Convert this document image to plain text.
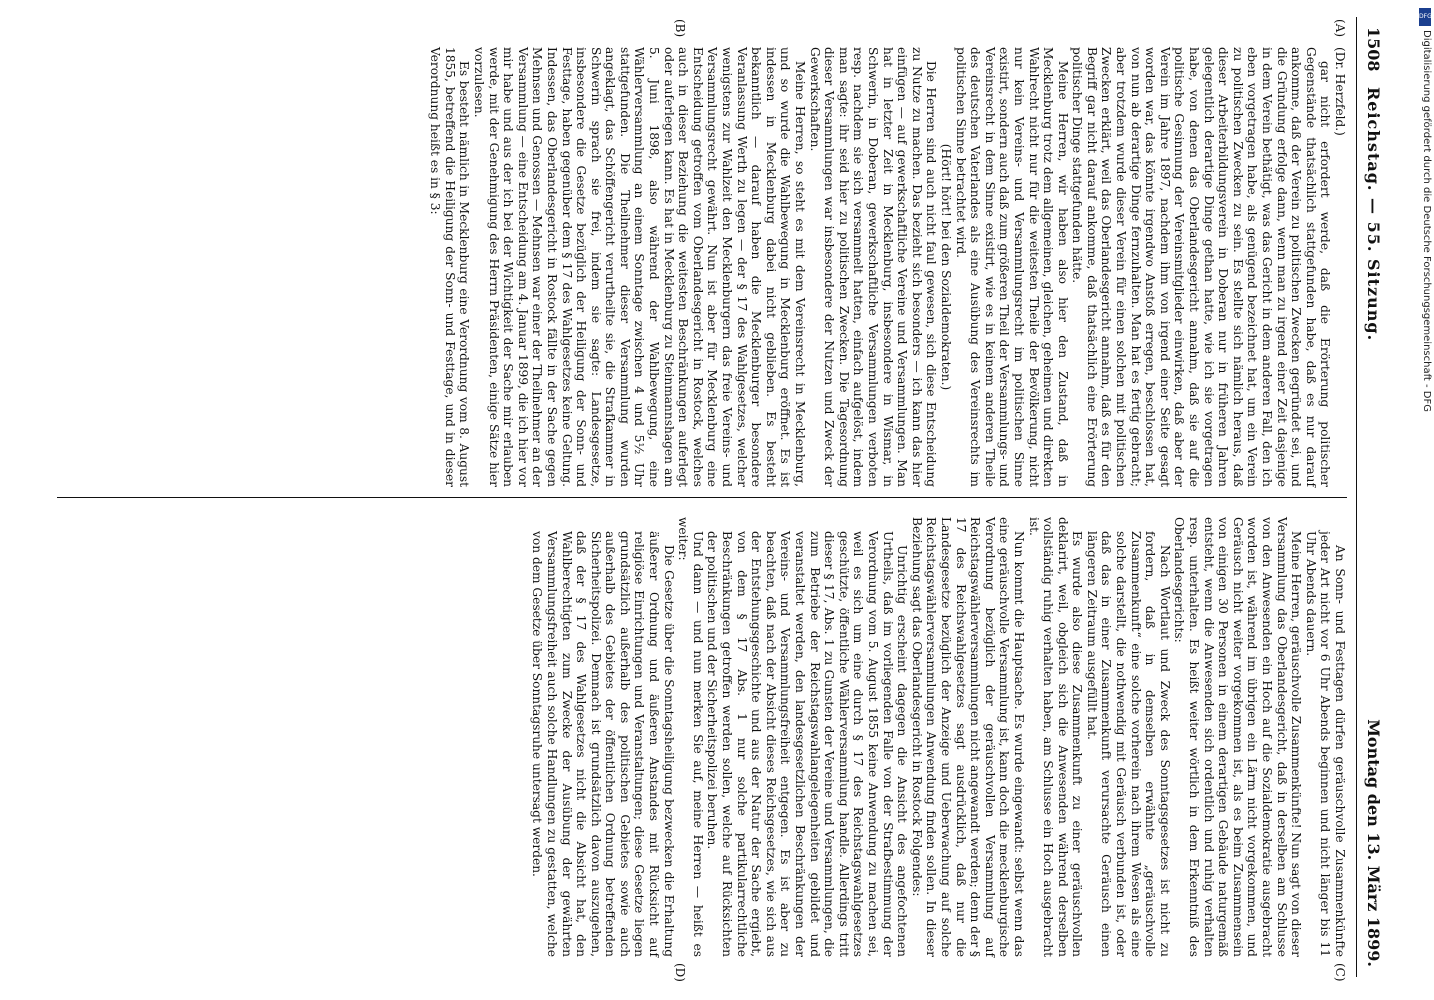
1508
Reichstag. — 55. Sitzung.
Montag den 13. März 1899.
(A)
(B)
(C)
(D)

(Dr. Herzfeld.)

gar nicht erfordert werde, daß die Erörterung politischer Gegenstände thatsächlich stattgefunden habe, daß es nur darauf ankomme, daß der Verein zu politischen Zwecken gegründet sei, und die Gründung erfolge dann, wenn man zu irgend einer Zeit dasjenige in dem Verein bethätigt, was das Gericht in dem anderen Fall, den ich eben vorgetragen habe, als genügend bezeichnet hat, um ein Verein zu politischen Zwecken zu sein. Es stellte sich nämlich heraus, daß dieser Arbeiterbildungsverein in Doberan nur in früheren Jahren gelegentlich derartige Dinge gethan hatte, wie ich sie vorgetragen habe, von denen das Oberlandesgericht annahm, daß sie auf die politische Gesinnung der Vereinsmitglieder einwirken, daß aber der Verein im Jahre 1897, nachdem ihm von irgend einer Seite gesagt worden war, das könnte irgendwo Anstoß erregen, beschlossen hat, von nun ab derartige Dinge fernzuhalten. Man hat es fertig gebracht; aber trotzdem wurde dieser Verein für einen solchen mit politischen Zwecken erklärt, weil das Oberlandesgericht annahm, daß es für den Begriff gar nicht darauf ankomme, daß thatsächlich eine Erörterung politischer Dinge stattgefunden hätte.

Meine Herren, wir haben also hier den Zustand, daß in Mecklenburg trotz dem allgemeinen, gleichen, geheimen und direkten Wahlrecht nicht nur für die weitesten Theile der Bevölkerung, nicht nur kein Vereins- und Versammlungsrecht im politischen Sinne existirt, sondern auch daß zum größeren Theil der Versammlungs- und Vereinsrecht in dem Sinne existirt, wie es in keinem anderen Theile des deutschen Vaterlandes als eine Ausübung des Vereinsrechts im politischen Sinne betrachtet wird.

(Hört! hört! bei den Sozialdemokraten.)

Die Herren sind auch nicht faul gewesen, sich diese Entscheidung zu Nutze zu machen. Das bezieht sich besonders — ich kann das hier einfügen — auf gewerkschaftliche Vereine und Versammlungen. Man hat in letzter Zeit in Mecklenburg, insbesondere in Wismar, in Schwerin, in Doberan, gewerkschaftliche Versammlungen verboten resp. nachdem sie sich versammelt hatten, einfach aufgelöst, indem man sagte: ihr seid hier zu politischen Zwecken. Die Tagesordnung dieser Versammlungen war insbesondere der Nutzen und Zweck der Gewerkschaften.

Meine Herren, so steht es mit dem Vereinsrecht in Mecklenburg, und so wurde die Wahlbewegung in Mecklenburg eröffnet. Es ist indessen in Mecklenburg dabei nicht geblieben. Es besteht bekanntlich — darauf haben die Mecklenburger besondere Veranlassung Werth zu legen — der § 17 des Wahlgesetzes, welcher wenigstens zur Wahlzeit den Mecklenburgern das freie Vereins- und Versammlungsrecht gewährt. Nun ist aber für Mecklenburg eine Entscheidung getroffen vom Oberlandesgericht in Rostock, welches auch in dieser Beziehung die weitesten Beschränkungen auferlegt oder auferlegen kann. Es hat in Mecklenburg zu Steinmannshagen am 5. Juni 1898, also während der Wahlbewegung, eine Wählerversammlung an einem Sonntage zwischen 4 und 5½ Uhr stattgefunden. Die Theilnehmer dieser Versammlung wurden angeklagt, das Schöffengericht verurtheilte sie, die Strafkammer in Schwerin sprach sie frei, indem sie sagte: Landesgesetze, insbesondere die Gesetze bezüglich der Heiligung der Sonn- und Festtage, haben gegenüber dem § 17 des Wahlgesetzes keine Geltung. Indessen, das Oberlandesgericht in Rostock fällte in der Sache gegen Mehnsen und Genossen — Mehnsen war einer der Theilnehmer an der Versammlung — eine Entscheidung am 4. Januar 1899, die ich hier vor mir habe und aus der ich bei der Wichtigkeit der Sache mir erlauben werde, mit der Genehmigung des Herrn Präsidenten, einige Sätze hier vorzulesen.

Es besteht nämlich in Mecklenburg eine Verordnung vom 8. August 1855, betreffend die Heiligung der Sonn- und Festtage, und in dieser Verordnung heißt es in § 3:

An Sonn- und Festtagen dürfen geräuschvolle Zusammenkünfte jeder Art nicht vor 6 Uhr Abends beginnen und nicht länger bis 11 Uhr Abends dauern.

Meine Herren, geräuschvolle Zusammenkünfte! Nun sagt von dieser Versammlung das Oberlandesgericht, daß in derselben am Schlusse von den Anwesenden ein Hoch auf die Sozialdemokratie ausgebracht worden ist, während im übrigen ein Lärm nicht vorgekommen, und Geräusch nicht weiter vorgekommen ist, als es beim Zusammensein von einigen 30 Personen in einem derartigen Gebäude naturgemäß entsteht, wenn die Anwesenden sich ordentlich und ruhig verhalten resp. unterhalten. Es heißt weiter wörtlich in dem Erkenntniß des Oberlandesgerichts:

Nach Wortlaut und Zweck des Sonntagsgesetzes ist nicht zu fordern, daß in demselben erwähnte „geräuschvolle Zusammenkunft“ eine solche vorherein nach ihrem Wesen als eine solche darstellt, die nothwendig mit Geräusch verbunden ist, oder daß das in einer Zusammenkunft verursachte Geräusch einen längeren Zeitraum ausgefüllt hat.

Es wurde also diese Zusammenkunft zu einer geräuschvollen deklarirt, weil, obgleich sich die Anwesenden während derselben vollständig ruhig verhalten haben, am Schlusse ein Hoch ausgebracht ist.

Nun kommt die Hauptsache. Es wurde eingewandt: selbst wenn das eine geräuschvolle Versammlung ist, kann doch die mecklenburgische Verordnung bezüglich der geräuschvollen Versammlung auf Reichstagswählerversammlungen nicht angewandt werden; denn der § 17 des Reichswahlgesetzes sagt ausdrücklich, daß nur die Landesgesetze bezüglich der Anzeige und Ueberwachung auf solche Reichstagswählerversammlungen Anwendung finden sollen. In dieser Beziehung sagt das Oberlandesgericht in Rostock Folgendes:

Unrichtig erscheint dagegen die Ansicht des angefochtenen Urtheils, daß im vorliegenden Falle von der Strafbestimmung der Verordnung vom 5. August 1855 keine Anwendung zu machen sei, weil es sich um eine durch § 17 des Reichstagswahlgesetzes geschützte, öffentliche Wählerversammlung handle. Allerdings tritt dieser § 17, Abs. 1 zu Gunsten der Vereine und Versammlungen, die zum Betriebe der Reichstagswahlangelegenheiten gebildet und veranstaltet werden, den landesgesetzlichen Beschränkungen der Vereins- und Versammlungsfreiheit entgegen. Es ist aber zu beachten, daß nach der Absicht dieses Reichsgesetzes, wie sich aus der Entstehungsgeschichte und aus der Natur der Sache ergiebt, von dem § 17 Abs. 1 nur solche partikularrechtliche Beschränkungen getroffen werden sollen, welche auf Rücksichten der politischen und der Sicherheitspolizei beruhen.

Und dann — und nun merken Sie auf, meine Herren — heißt es weiter:

Die Gesetze über die Sonntagsheiligung bezwecken die Erhaltung äußerer Ordnung und äußeren Anstandes mit Rücksicht auf religiöse Einrichtungen und Veranstaltungen; diese Gesetze liegen grundsätzlich außerhalb des politischen Gebietes sowie auch außerhalb des Gebietes der öffentlichen Ordnung betreffenden Sicherheitspolizei. Demnach ist grundsätzlich davon auszugehen, daß der § 17 des Wahlgesetzes nicht die Absicht hat, den Wahlberechtigten zum Zwecke der Ausübung der gewährten Versammlungsfreiheit auch solche Handlungen zu gestatten, welche von dem Gesetze über Sonntagsruhe untersagt werden.

DFG
Digitalisierung gefördert durch die Deutsche Forschungsgemeinschaft - DFG
